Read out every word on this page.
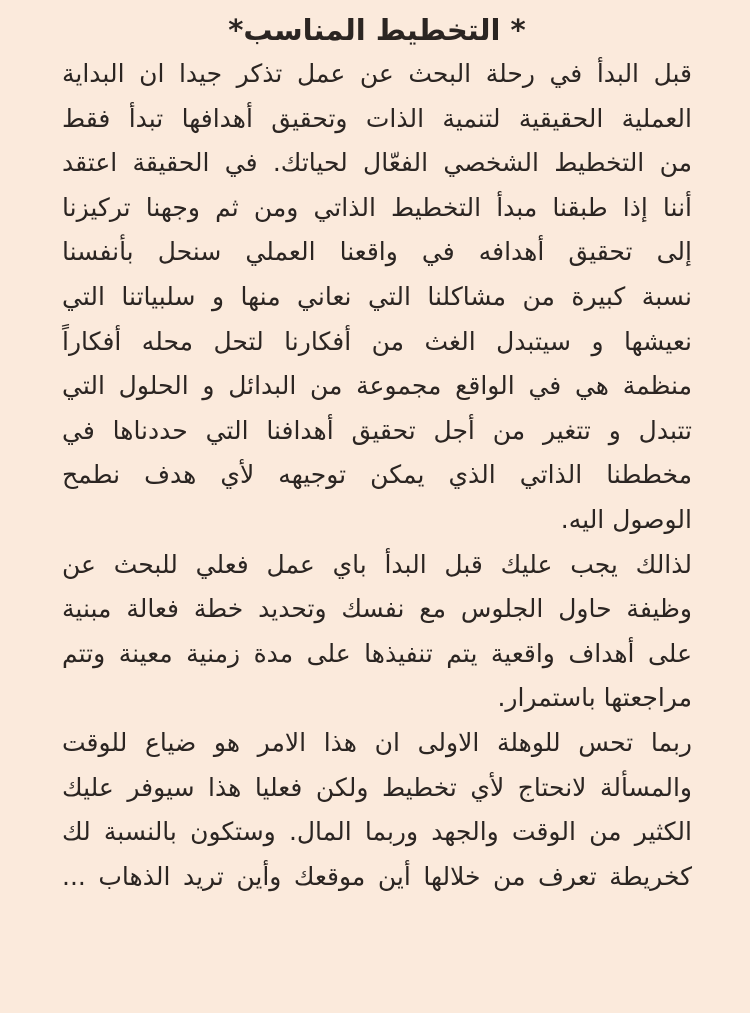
* التخطيط المناسب*
قبل البدأ في رحلة البحث عن عمل تذكر جيدا ان البداية
العملية الحقيقية لتنمية الذات وتحقيق أهدافها تبدأ فقط
من التخطيط الشخصي الفعّال لحياتك. في الحقيقة اعتقد
أننا إذا طبقنا مبدأ التخطيط الذاتي ومن ثم وجهنا تركيزنا
إلى تحقيق أهدافه في واقعنا العملي سنحل بأنفسنا
نسبة كبيرة من مشاكلنا التي نعاني منها و سلبياتنا التي
نعيشها و سيتبدل الغث من أفكارنا لتحل محله أفكاراً
منظمة هي في الواقع مجموعة من البدائل و الحلول التي
تتبدل و تتغير من أجل تحقيق أهدافنا التي حددناها في
مخططنا الذاتي الذي يمكن توجيهه لأي هدف نطمح
الوصول اليه.
لذالك يجب عليك قبل البدأ باي عمل فعلي للبحث عن
وظيفة حاول الجلوس مع نفسك وتحديد خطة فعالة مبنية
على أهداف واقعية يتم تنفيذها على مدة زمنية معينة وتتم
مراجعتها باستمرار.
ربما تحس للوهلة الاولى ان هذا الامر هو ضياع للوقت
والمسألة لانحتاج لأي تخطيط ولكن فعليا هذا سيوفر عليك
الكثير من الوقت والجهد وربما المال. وستكون بالنسبة لك
كخريطة تعرف من خلالها أين موقعك وأين تريد الذهاب ...
